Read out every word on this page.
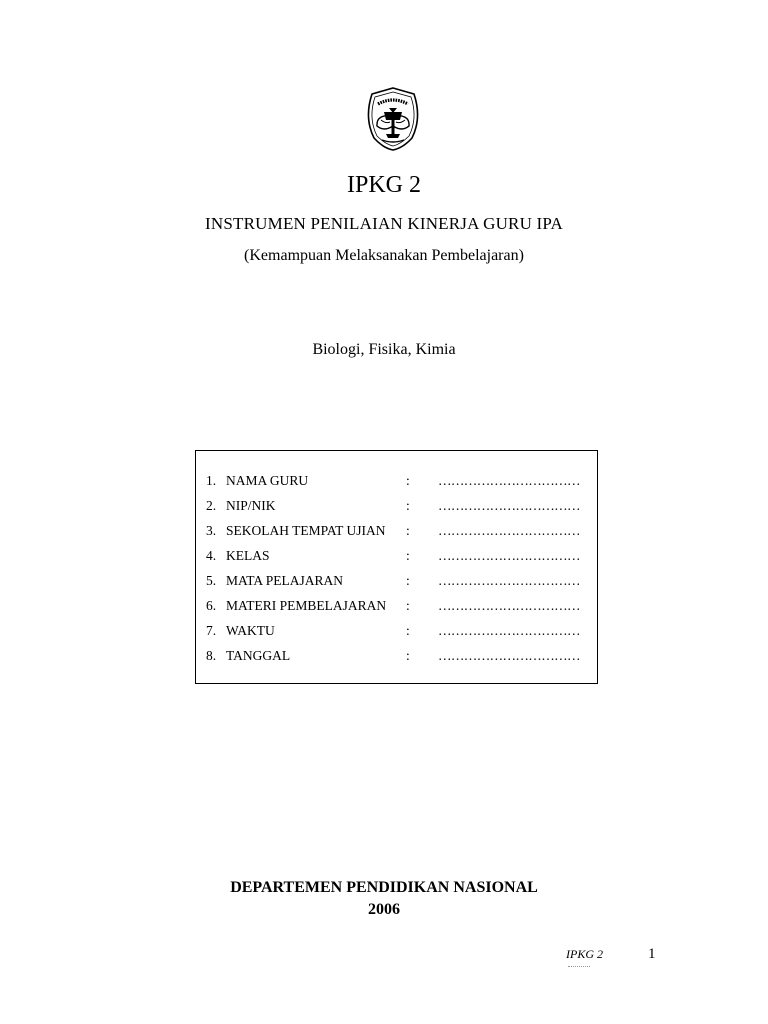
IPKG 2
INSTRUMEN PENILAIAN KINERJA GURU IPA
(Kemampuan Melaksanakan Pembelajaran)
Biologi, Fisika, Kimia
1. NAMA GURU	: ……………………………
2. NIP/NIK	: ……………………………
3. SEKOLAH TEMPAT UJIAN : ……………………………
4. KELAS	: ……………………………
5. MATA PELAJARAN	: ……………………………
6. MATERI PEMBELAJARAN : ……………………………
7. WAKTU	: ……………………………
8. TANGGAL	: ……………………………
DEPARTEMEN PENDIDIKAN NASIONAL
2006
IPKG 2	1
